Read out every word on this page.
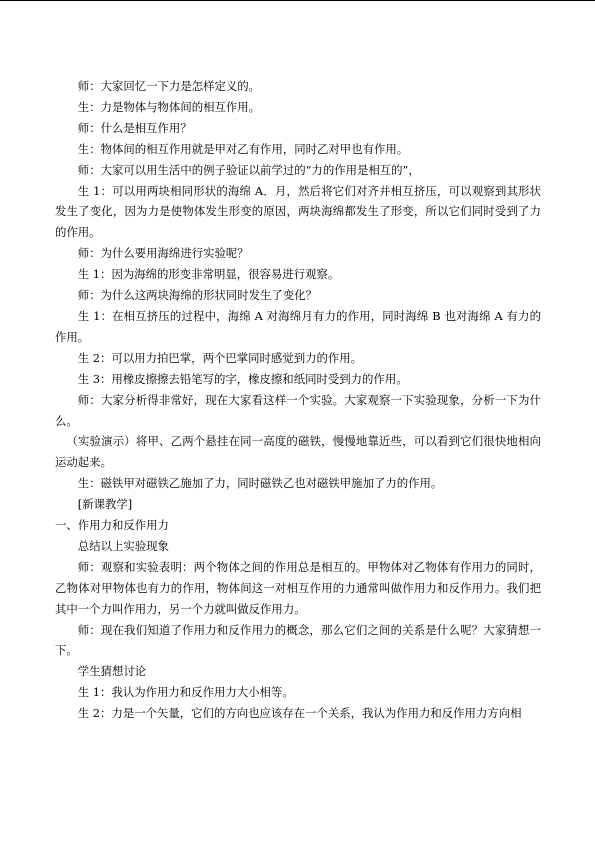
师：大家回忆一下力是怎样定义的。

生：力是物体与物体间的相互作用。

师：什么是相互作用？

生：物体间的相互作用就是甲对乙有作用，同时乙对甲也有作用。

师：大家可以用生活中的例子验证以前学过的“力的作用是相互的”，

生 1：可以用两块相同形状的海绵 A．月，然后将它们对齐并相互挤压，可以观察到其形状发生了变化，因为力是使物体发生形变的原因，两块海绵都发生了形变，所以它们同时受到了力的作用。

师：为什么要用海绵进行实验呢？

生 1：因为海绵的形变非常明显，很容易进行观察。

师：为什么这两块海绵的形状同时发生了变化？

生 1：在相互挤压的过程中，海绵 A 对海绵月有力的作用，同时海绵 B 也对海绵 A 有力的作用。

生 2：可以用力拍巴掌，两个巴掌同时感觉到力的作用。

生 3：用橡皮擦擦去铅笔写的字，橡皮擦和纸同时受到力的作用。

师：大家分析得非常好，现在大家看这样一个实验。大家观察一下实验现象，分析一下为什么。

（实验演示）将甲、乙两个悬挂在同一高度的磁铁，慢慢地靠近些，可以看到它们很快地相向运动起来。

生：磁铁甲对磁铁乙施加了力，同时磁铁乙也对磁铁甲施加了力的作用。

[新课教学]

一、作用力和反作用力

总结以上实验现象

师：观察和实验表明：两个物体之间的作用总是相互的。甲物体对乙物体有作用力的同时，乙物体对甲物体也有力的作用，物体间这一对相互作用的力通常叫做作用力和反作用力。我们把其中一个力叫作用力，另一个力就叫做反作用力。

师：现在我们知道了作用力和反作用力的概念，那么它们之间的关系是什么呢？大家猜想一下。

学生猜想讨论

生 1：我认为作用力和反作用力大小相等。

生 2：力是一个矢量，它们的方向也应该存在一个关系，我认为作用力和反作用力方向相
